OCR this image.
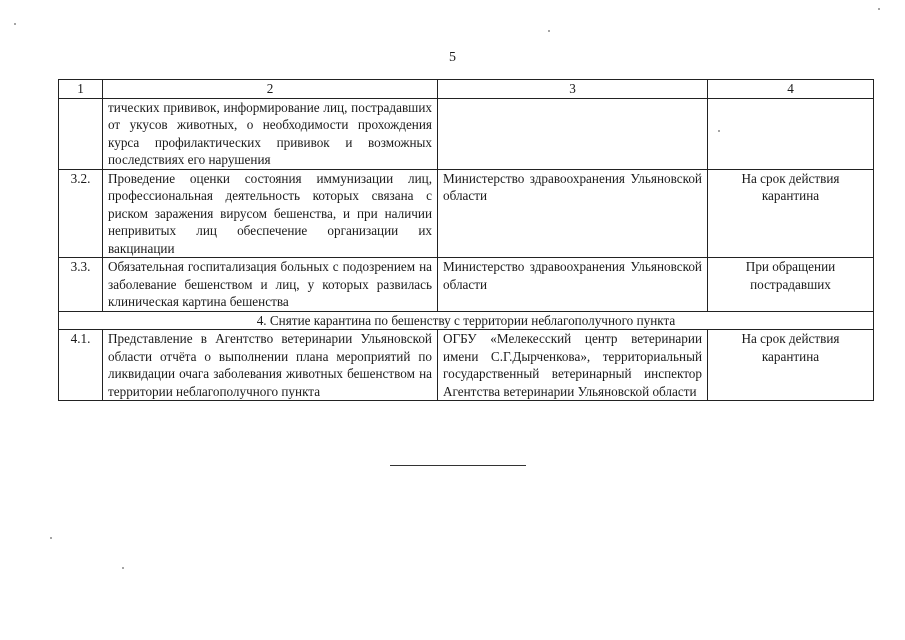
5
1	2	3	4
	тических прививок, информирование лиц, пострадавших от укусов животных, о необходимости прохождения курса профилактических прививок и возможных последствиях его нарушения		
3.2.	Проведение оценки состояния иммунизации лиц, профессиональная деятельность которых связана с риском заражения вирусом бешенства, и при наличии непривитых лиц обеспечение организации их вакцинации	Министерство здравоохранения Ульяновской области	На срок действия карантина
3.3.	Обязательная госпитализация больных с подозрением на заболевание бешенством и лиц, у которых развилась клиническая картина бешенства	Министерство здравоохранения Ульяновской области	При обращении пострадавших
4. Снятие карантина по бешенству с территории неблагополучного пункта			
4.1.	Представление в Агентство ветеринарии Ульяновской области отчёта о выполнении плана мероприятий по ликвидации очага заболевания животных бешенством на территории неблагополучного пункта	ОГБУ «Мелекесский центр ветеринарии имени С.Г.Дырченкова», территориальный государственный ветеринарный инспектор Агентства ветеринарии Ульяновской области	На срок действия карантина
